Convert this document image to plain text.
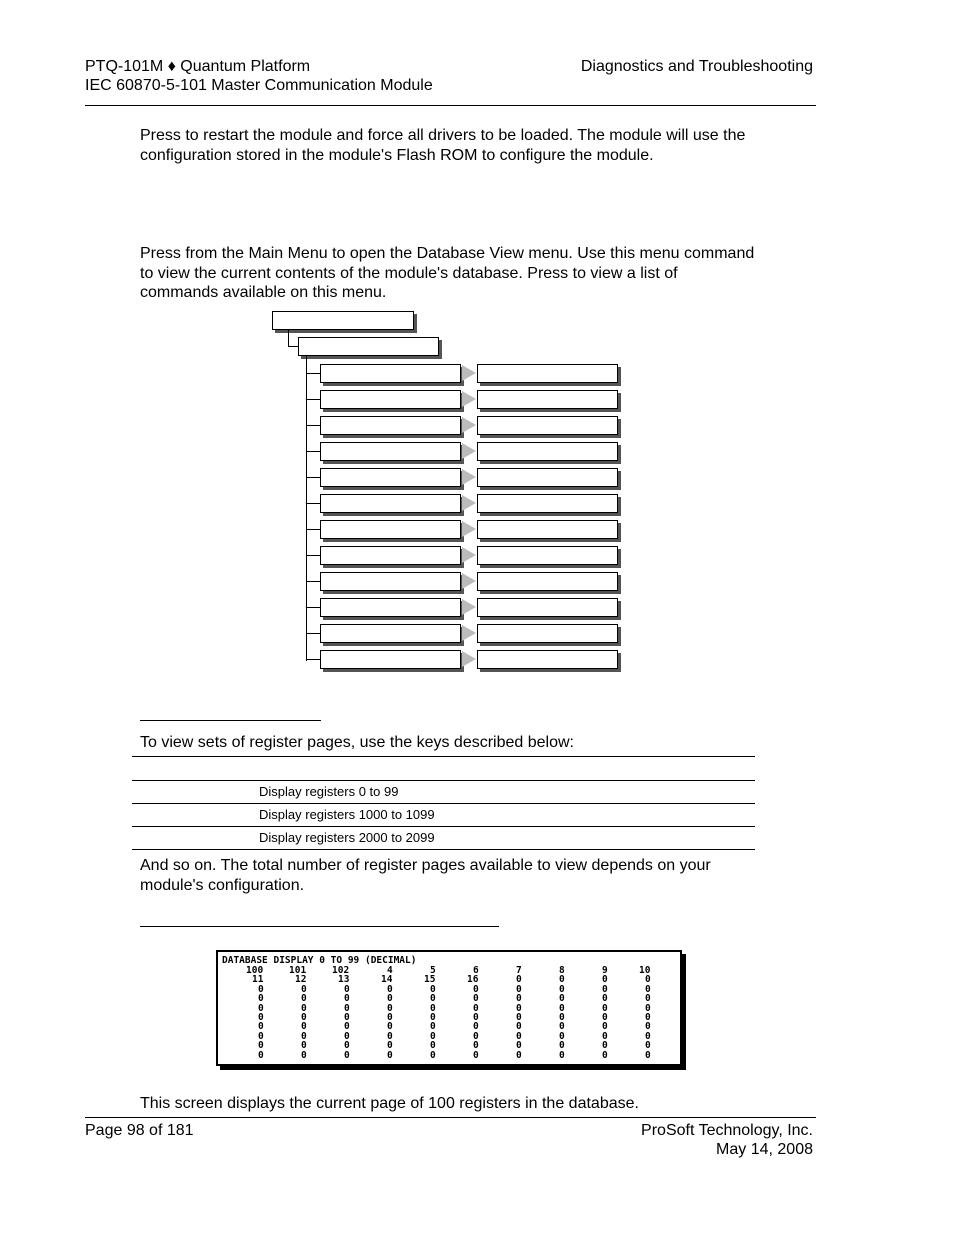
PTQ-101M ♦ Quantum Platform
IEC 60870-5-101 Master Communication Module
Diagnostics and Troubleshooting
Press to restart the module and force all drivers to be loaded. The module will use the configuration stored in the module's Flash ROM to configure the module.
Press from the Main Menu to open the Database View menu. Use this menu command to view the current contents of the module's database. Press to view a list of commands available on this menu.
To view sets of register pages, use the keys described below:
Display registers 0 to 99
Display registers 1000 to 1099
Display registers 2000 to 2099
And so on. The total number of register pages available to view depends on your module's configuration.
DATABASE DISPLAY 0 TO 99 (DECIMAL)
100	101	102	4	5	6	7	8	9	10
11	12	13	14	15	16	0	0	0	0
0	0	0	0	0	0	0	0	0	0
0	0	0	0	0	0	0	0	0	0
0	0	0	0	0	0	0	0	0	0
0	0	0	0	0	0	0	0	0	0
0	0	0	0	0	0	0	0	0	0
0	0	0	0	0	0	0	0	0	0
0	0	0	0	0	0	0	0	0	0
0	0	0	0	0	0	0	0	0	0
This screen displays the current page of 100 registers in the database.
Page 98 of 181	ProSoft Technology, Inc.
May 14, 2008
